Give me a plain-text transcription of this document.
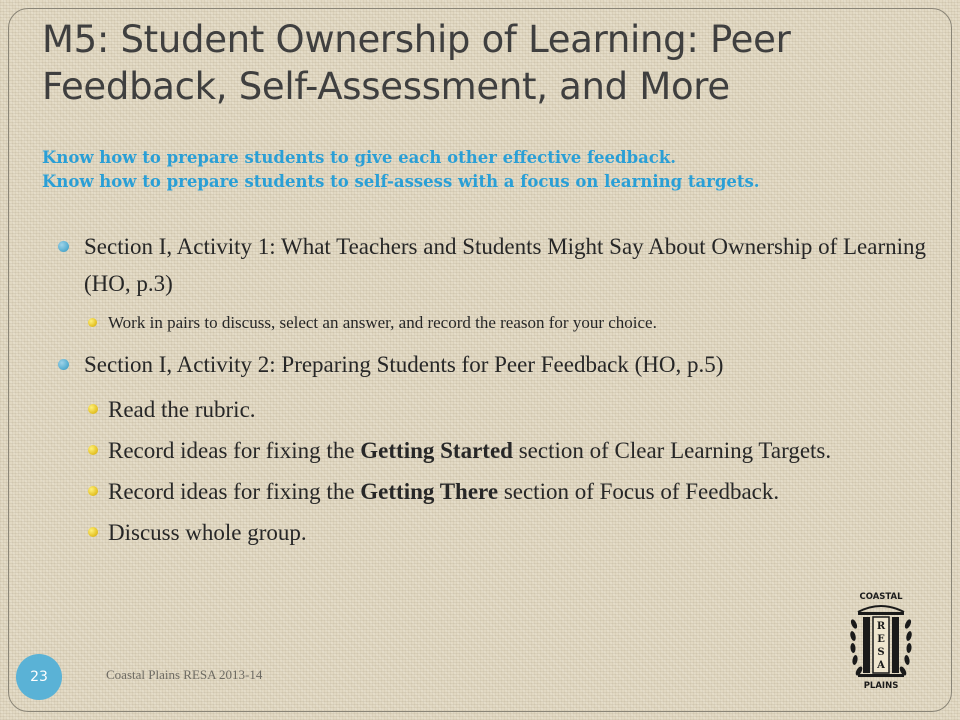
M5: Student Ownership of Learning: Peer Feedback, Self-Assessment, and More
Know how to prepare students to give each other effective feedback.
Know how to prepare students to self-assess with a focus on learning targets.
Section I, Activity 1: What Teachers and Students Might Say About Ownership of Learning (HO, p.3)
Work in pairs to discuss, select an answer, and record the reason for your choice.
Section I, Activity 2: Preparing Students for Peer Feedback (HO, p.5)
Read the rubric.
Record ideas for fixing the Getting Started section of Clear Learning Targets.
Record ideas for fixing the Getting There section of Focus of Feedback.
Discuss whole group.
23	Coastal Plains RESA 2013-14
COASTAL
R
E
S
A
PLAINS
